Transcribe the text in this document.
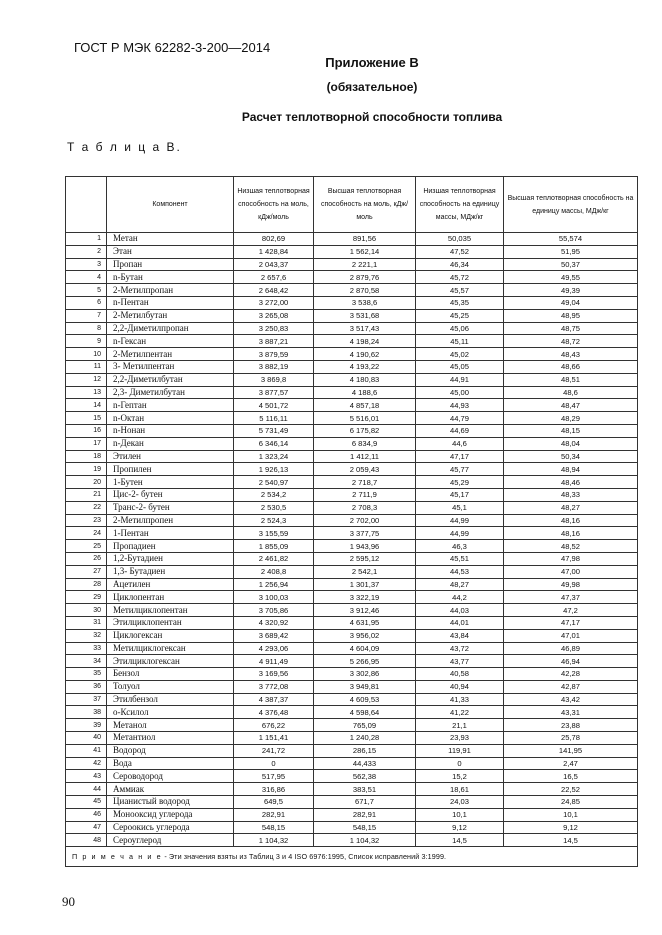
ГОСТ Р МЭК 62282-3-200—2014
Приложение В
(обязательное)
Расчет теплотворной способности топлива
Т а б л и ц а В.
	Компонент	Низшая теплотворная способность на моль, кДж/моль	Высшая теплотворная способность на моль, кДж/моль	Низшая теплотворная способность на единицу массы, МДж/кг	Высшая теплотворная способность на единицу массы, МДж/кг
1	Метан	802,69	891,56	50,035	55,574
2	Этан	1 428,84	1 562,14	47,52	51,95
3	Пропан	2 043,37	2 221,1	46,34	50,37
4	n-Бутан	2 657,6	2 879,76	45,72	49,55
5	2-Метилпропан	2 648,42	2 870,58	45,57	49,39
6	n-Пентан	3 272,00	3 538,6	45,35	49,04
7	2-Метилбутан	3 265,08	3 531,68	45,25	48,95
8	2,2-Диметилпропан	3 250,83	3 517,43	45,06	48,75
9	n-Гексан	3 887,21	4 198,24	45,11	48,72
10	2-Метилпентан	3 879,59	4 190,62	45,02	48,43
11	3- Метилпентан	3 882,19	4 193,22	45,05	48,66
12	2,2-Диметилбутан	3 869,8	4 180,83	44,91	48,51
13	2,3- Диметилбутан	3 877,57	4 188,6	45,00	48,6
14	n-Гептан	4 501,72	4 857,18	44,93	48,47
15	n-Октан	5 116,11	5 516,01	44,79	48,29
16	n-Нонан	5 731,49	6 175,82	44,69	48,15
17	n-Декан	6 346,14	6 834,9	44,6	48,04
18	Этилен	1 323,24	1 412,11	47,17	50,34
19	Пропилен	1 926,13	2 059,43	45,77	48,94
20	1-Бутен	2 540,97	2 718,7	45,29	48,46
21	Цис-2- бутен	2 534,2	2 711,9	45,17	48,33
22	Транс-2- бутен	2 530,5	2 708,3	45,1	48,27
23	2-Метилпропен	2 524,3	2 702,00	44,99	48,16
24	1-Пентан	3 155,59	3 377,75	44,99	48,16
25	Пропадиен	1 855,09	1 943,96	46,3	48,52
26	1,2-Бутадиен	2 461,82	2 595,12	45,51	47,98
27	1,3- Бутадиен	2 408,8	2 542,1	44,53	47,00
28	Ацетилен	1 256,94	1 301,37	48,27	49,98
29	Циклопентан	3 100,03	3 322,19	44,2	47,37
30	Метилциклопентан	3 705,86	3 912,46	44,03	47,2
31	Этилциклопентан	4 320,92	4 631,95	44,01	47,17
32	Циклогексан	3 689,42	3 956,02	43,84	47,01
33	Метилциклогексан	4 293,06	4 604,09	43,72	46,89
34	Этилциклогексан	4 911,49	5 266,95	43,77	46,94
35	Бензол	3 169,56	3 302,86	40,58	42,28
36	Толуол	3 772,08	3 949,81	40,94	42,87
37	Этилбензол	4 387,37	4 609,53	41,33	43,42
38	о-Ксилол	4 376,48	4 598,64	41,22	43,31
39	Метанол	676,22	765,09	21,1	23,88
40	Метантиол	1 151,41	1 240,28	23,93	25,78
41	Водород	241,72	286,15	119,91	141,95
42	Вода	0	44,433	0	2,47
43	Сероводород	517,95	562,38	15,2	16,5
44	Аммиак	316,86	383,51	18,61	22,52
45	Цианистый водород	649,5	671,7	24,03	24,85
46	Монооксид углерода	282,91	282,91	10,1	10,1
47	Сероокись углерода	548,15	548,15	9,12	9,12
48	Сероуглерод	1 104,32	1 104,32	14,5	14,5
П р и м е ч а н и е - Эти значения взяты из Таблиц 3 и 4 ISO 6976:1995, Список исправлений 3:1999.					
90
